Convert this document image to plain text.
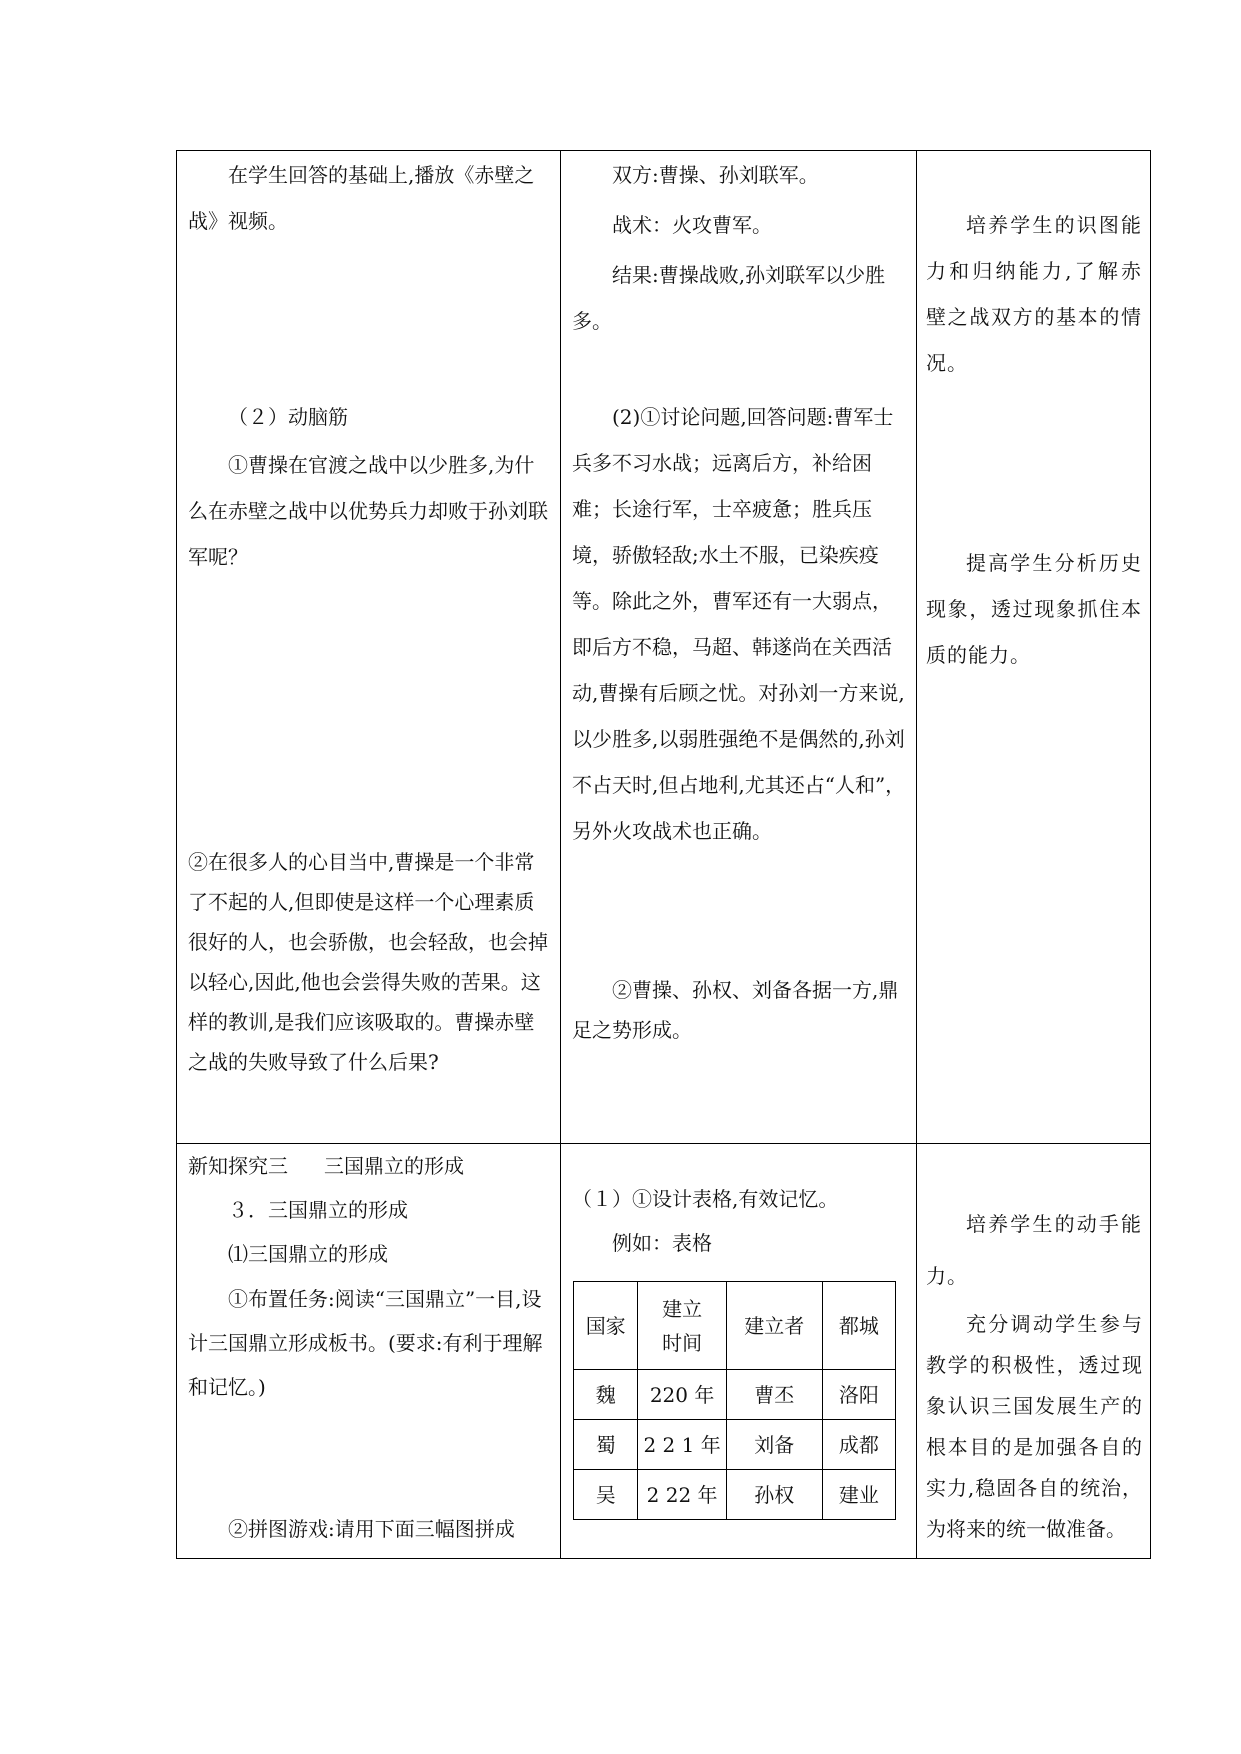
在学生回答的基础上,播放《赤壁之战》视频。

（２）动脑筋

①曹操在官渡之战中以少胜多,为什么在赤壁之战中以优势兵力却败于孙刘联军呢？

②在很多人的心目当中,曹操是一个非常了不起的人,但即使是这样一个心理素质很好的人，也会骄傲，也会轻敌，也会掉以轻心,因此,他也会尝得失败的苦果。这样的教训,是我们应该吸取的。曹操赤壁之战的失败导致了什么后果?

双方:曹操、孙刘联军。

战术：火攻曹军。

结果:曹操战败,孙刘联军以少胜多。

(2)①讨论问题,回答问题:曹军士兵多不习水战；远离后方，补给困难；长途行军，士卒疲惫；胜兵压境，骄傲轻敌;水土不服，已染疾疫等。除此之外，曹军还有一大弱点，即后方不稳，马超、韩遂尚在关西活动,曹操有后顾之忧。对孙刘一方来说,以少胜多,以弱胜强绝不是偶然的,孙刘不占天时,但占地利,尤其还占“人和”，另外火攻战术也正确。

②曹操、孙权、刘备各据一方,鼎足之势形成。

培养学生的识图能力和归纳能力,了解赤壁之战双方的基本的情况。

提高学生分析历史现象，透过现象抓住本质的能力。

新知探究三 三国鼎立的形成

３．三国鼎立的形成

⑴三国鼎立的形成

①布置任务:阅读“三国鼎立”一目,设计三国鼎立形成板书。(要求:有利于理解和记忆。)

②拼图游戏:请用下面三幅图拼成

（１）①设计表格,有效记忆。

例如：表格

国家	建立时间	建立者	都城
魏	220 年	曹丕	洛阳
蜀	2 2 1 年	刘备	成都
吴	2 22 年	孙权	建业

培养学生的动手能力。

充分调动学生参与教学的积极性，透过现象认识三国发展生产的根本目的是加强各自的实力,稳固各自的统治，为将来的统一做准备。
